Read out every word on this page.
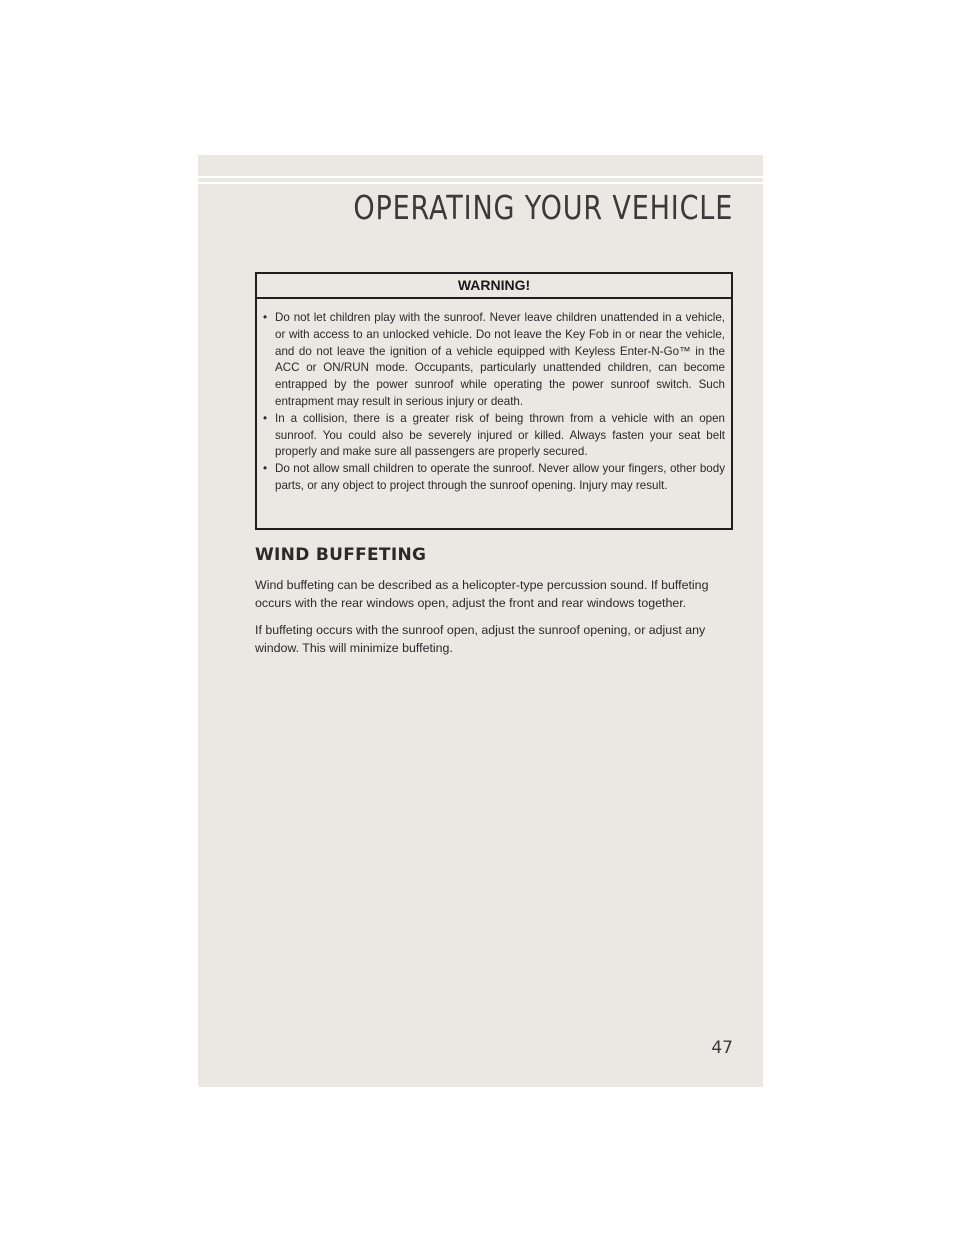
OPERATING YOUR VEHICLE
WARNING!
• Do not let children play with the sunroof. Never leave children unattended in a vehicle, or with access to an unlocked vehicle. Do not leave the Key Fob in or near the vehicle, and do not leave the ignition of a vehicle equipped with Keyless Enter-N-Go™ in the ACC or ON/RUN mode. Occupants, particularly unattended children, can become entrapped by the power sunroof while operating the power sunroof switch. Such entrapment may result in serious injury or death.
• In a collision, there is a greater risk of being thrown from a vehicle with an open sunroof. You could also be severely injured or killed. Always fasten your seat belt properly and make sure all passengers are properly secured.
• Do not allow small children to operate the sunroof. Never allow your fingers, other body parts, or any object to project through the sunroof opening. Injury may result.
WIND BUFFETING

Wind buffeting can be described as a helicopter-type percussion sound. If buffeting occurs with the rear windows open, adjust the front and rear windows together.

If buffeting occurs with the sunroof open, adjust the sunroof opening, or adjust any window. This will minimize buffeting.

47
